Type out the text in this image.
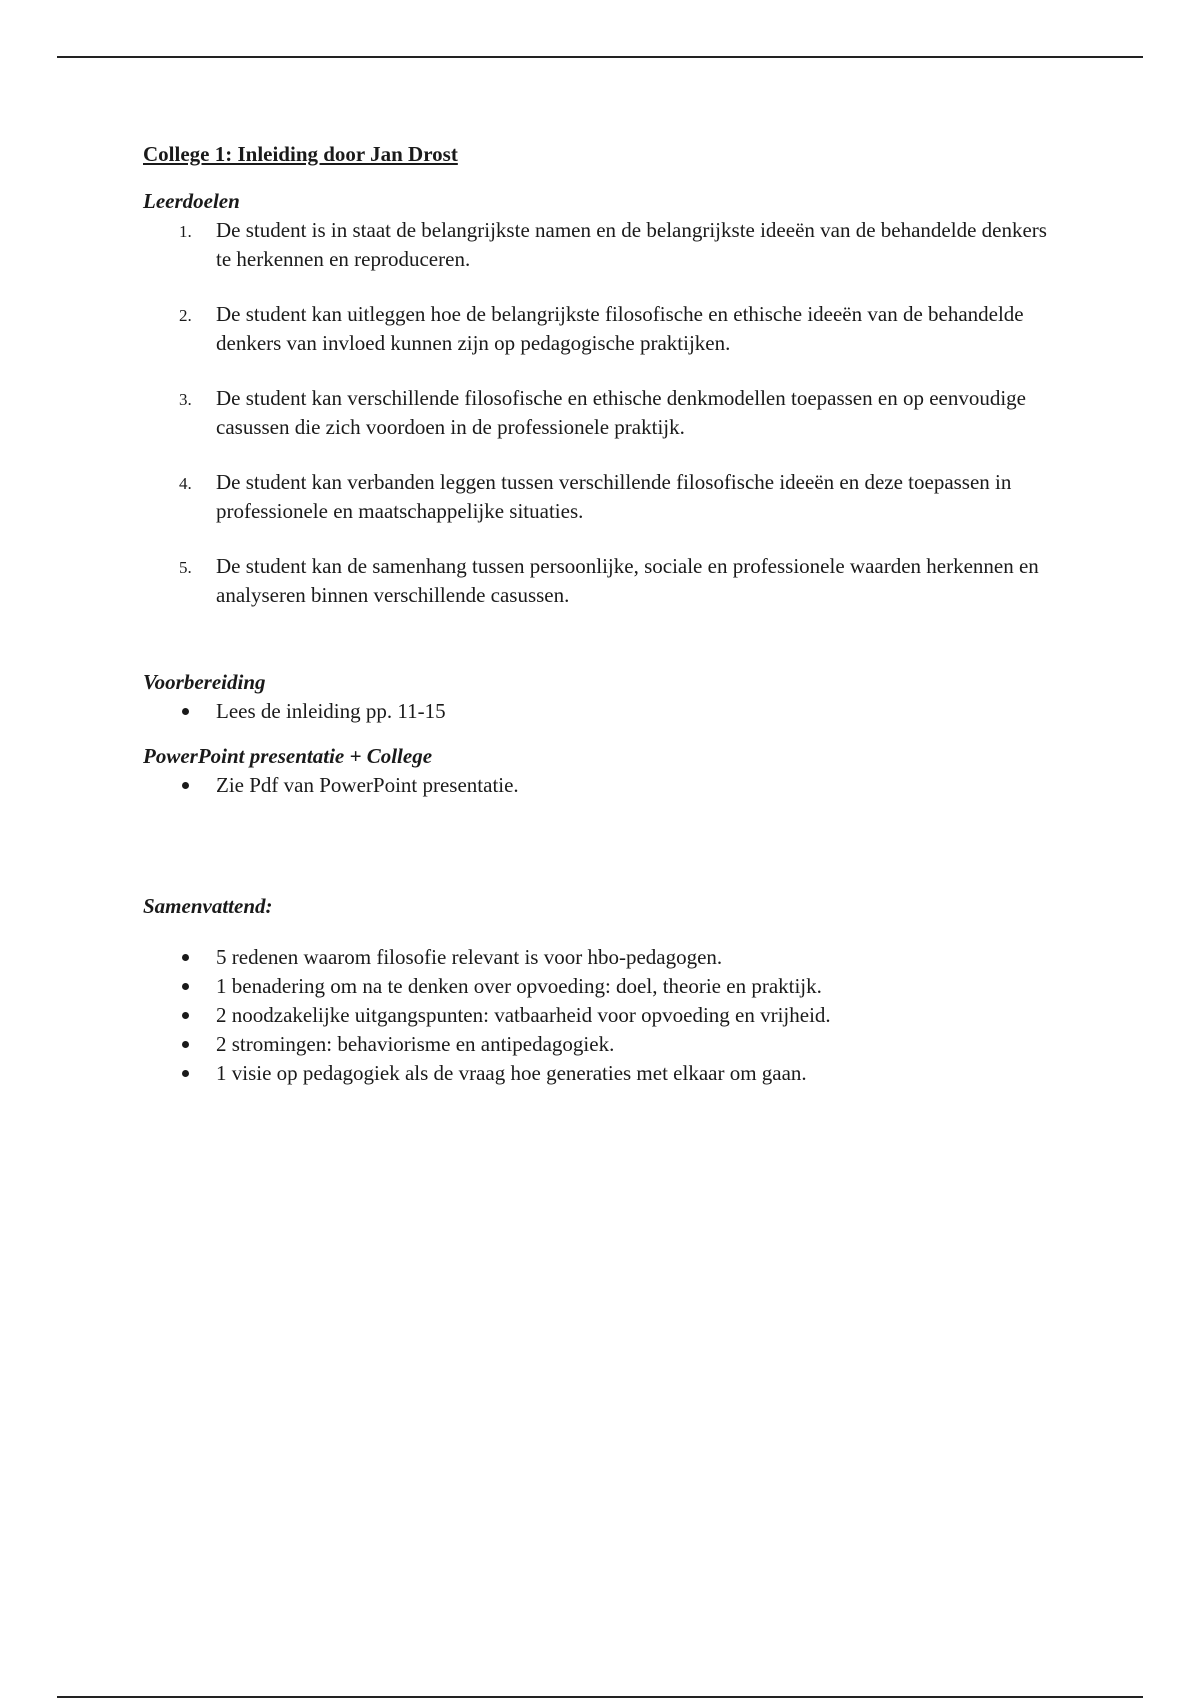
College 1: Inleiding door Jan Drost

Leerdoelen

1. De student is in staat de belangrijkste namen en de belangrijkste ideeën van de behandelde denkers te herkennen en reproduceren.
2. De student kan uitleggen hoe de belangrijkste filosofische en ethische ideeën van de behandelde denkers van invloed kunnen zijn op pedagogische praktijken.
3. De student kan verschillende filosofische en ethische denkmodellen toepassen en op eenvoudige casussen die zich voordoen in de professionele praktijk.
4. De student kan verbanden leggen tussen verschillende filosofische ideeën en deze toepassen in professionele en maatschappelijke situaties.
5. De student kan de samenhang tussen persoonlijke, sociale en professionele waarden herkennen en analyseren binnen verschillende casussen.

Voorbereiding

Lees de inleiding pp. 11-15

PowerPoint presentatie + College

Zie Pdf van PowerPoint presentatie.

Samenvattend:

5 redenen waarom filosofie relevant is voor hbo-pedagogen.
1 benadering om na te denken over opvoeding: doel, theorie en praktijk.
2 noodzakelijke uitgangspunten: vatbaarheid voor opvoeding en vrijheid.
2 stromingen: behaviorisme en antipedagogiek.
1 visie op pedagogiek als de vraag hoe generaties met elkaar om gaan.
